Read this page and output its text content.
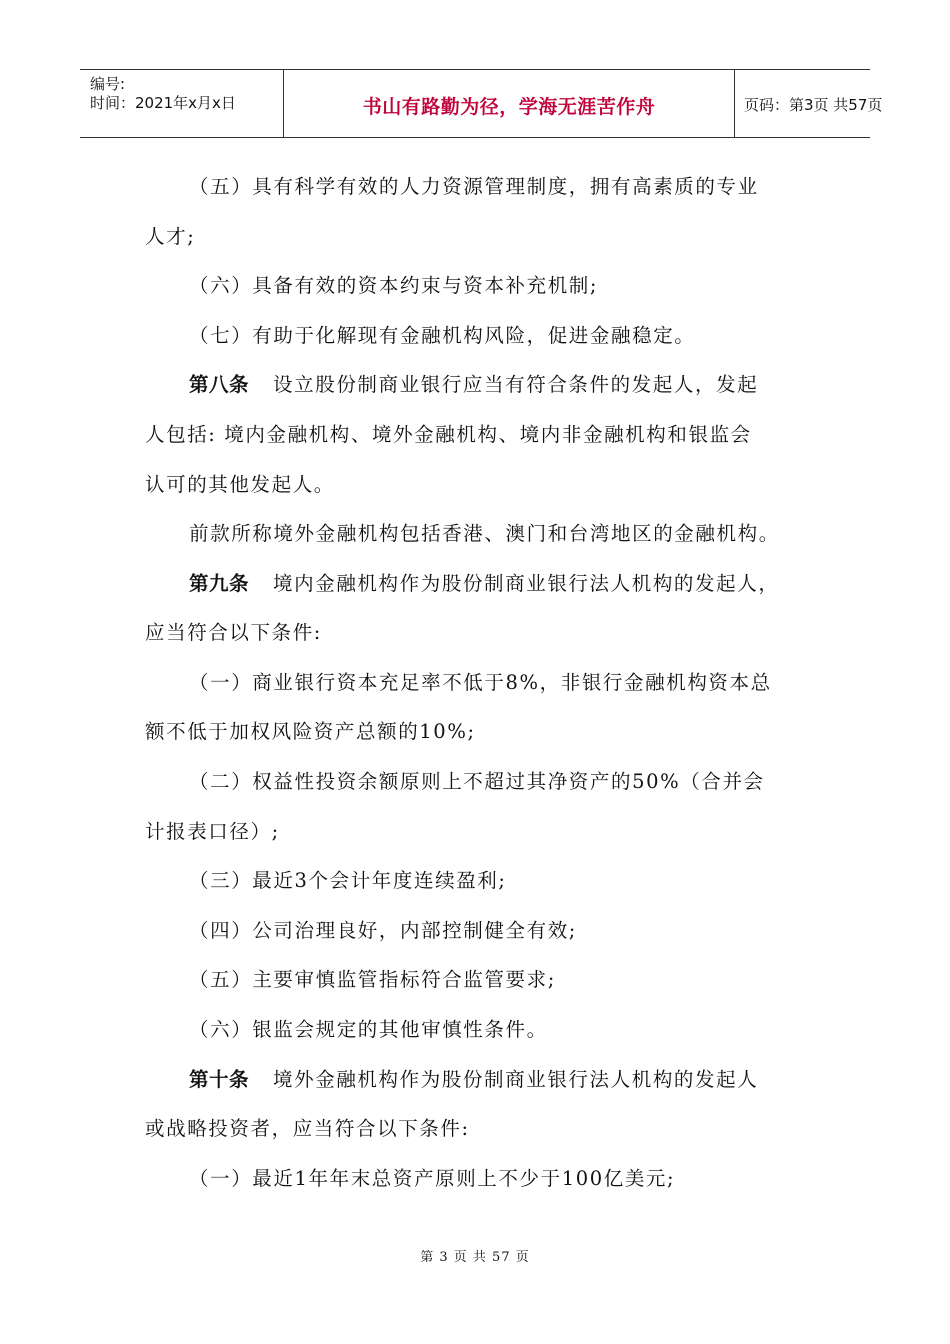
编号:
时间：2021年x月x日	书山有路勤为径，学海无涯苦作舟	页码：第3页 共57页
（五）具有科学有效的人力资源管理制度，拥有高素质的专业
人才;
（六）具备有效的资本约束与资本补充机制;
（七）有助于化解现有金融机构风险，促进金融稳定。
第八条 设立股份制商业银行应当有符合条件的发起人，发起
人包括: 境内金融机构、境外金融机构、境内非金融机构和银监会
认可的其他发起人。
前款所称境外金融机构包括香港、澳门和台湾地区的金融机构。
第九条 境内金融机构作为股份制商业银行法人机构的发起人，
应当符合以下条件:
（一）商业银行资本充足率不低于8%，非银行金融机构资本总
额不低于加权风险资产总额的10%;
（二）权益性投资余额原则上不超过其净资产的50%（合并会
计报表口径）;
（三）最近3个会计年度连续盈利;
（四）公司治理良好，内部控制健全有效;
（五）主要审慎监管指标符合监管要求;
（六）银监会规定的其他审慎性条件。
第十条 境外金融机构作为股份制商业银行法人机构的发起人
或战略投资者，应当符合以下条件:
（一）最近1年年末总资产原则上不少于100亿美元;
第 3 页 共 57 页
